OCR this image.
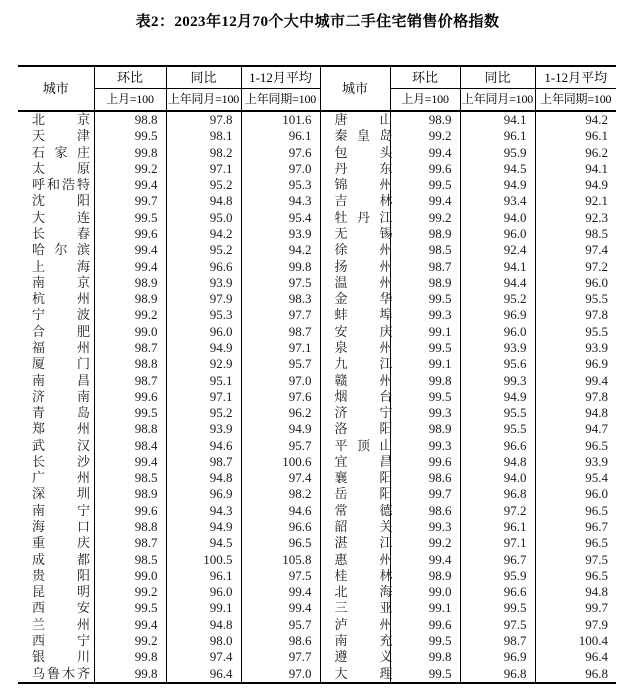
表2：2023年12月70个大中城市二手住宅销售价格指数
城市	环比	同比	1-12月平均	城市	环比	同比	1-12月平均
	上月=100	上年同月=100	上年同期=100		上月=100	上年同月=100	上年同期=100
北京	98.8	97.8	101.6	唐山	98.9	94.1	94.2
天津	99.5	98.1	96.1	秦皇岛	99.2	96.1	96.1
石家庄	99.8	98.2	97.6	包头	99.4	95.9	96.2
太原	99.2	97.1	97.0	丹东	99.6	94.5	94.1
呼和浩特	99.4	95.2	95.3	锦州	99.5	94.9	94.9
沈阳	99.7	94.8	94.3	吉林	99.4	93.4	92.1
大连	99.5	95.0	95.4	牡丹江	99.2	94.0	92.3
长春	99.6	94.2	93.9	无锡	98.9	96.0	98.5
哈尔滨	99.4	95.2	94.2	徐州	98.5	92.4	97.4
上海	99.4	96.6	99.8	扬州	98.7	94.1	97.2
南京	98.9	93.9	97.5	温州	98.9	94.4	96.0
杭州	98.9	97.9	98.3	金华	99.5	95.2	95.5
宁波	99.2	95.3	97.7	蚌埠	99.3	96.9	97.8
合肥	99.0	96.0	98.7	安庆	99.1	96.0	95.5
福州	98.7	94.9	97.1	泉州	99.5	93.9	93.9
厦门	98.8	92.9	95.7	九江	99.1	95.6	96.9
南昌	98.7	95.1	97.0	赣州	99.8	99.3	99.4
济南	99.6	97.1	97.6	烟台	99.5	94.9	97.8
青岛	99.5	95.2	96.2	济宁	99.3	95.5	94.8
郑州	98.8	93.9	94.9	洛阳	98.9	95.5	94.7
武汉	98.4	94.6	95.7	平顶山	99.3	96.6	96.5
长沙	99.4	98.7	100.6	宜昌	99.6	94.8	93.9
广州	98.5	94.8	97.4	襄阳	98.6	94.0	95.4
深圳	98.9	96.9	98.2	岳阳	99.7	96.8	96.0
南宁	99.6	94.3	94.6	常德	98.6	97.2	96.5
海口	98.8	94.9	96.6	韶关	99.3	96.1	96.7
重庆	98.7	94.5	96.5	湛江	99.2	97.1	96.5
成都	98.5	100.5	105.8	惠州	99.4	96.7	97.5
贵阳	99.0	96.1	97.5	桂林	98.9	95.9	96.5
昆明	99.2	96.0	99.4	北海	99.0	96.6	94.8
西安	99.5	99.1	99.4	三亚	99.1	99.5	99.7
兰州	99.4	94.8	95.7	泸州	99.6	97.5	97.9
西宁	99.2	98.0	98.6	南充	99.5	98.7	100.4
银川	99.8	97.4	97.7	遵义	99.8	96.9	96.4
乌鲁木齐	99.8	96.4	97.0	大理	99.5	96.8	96.8
